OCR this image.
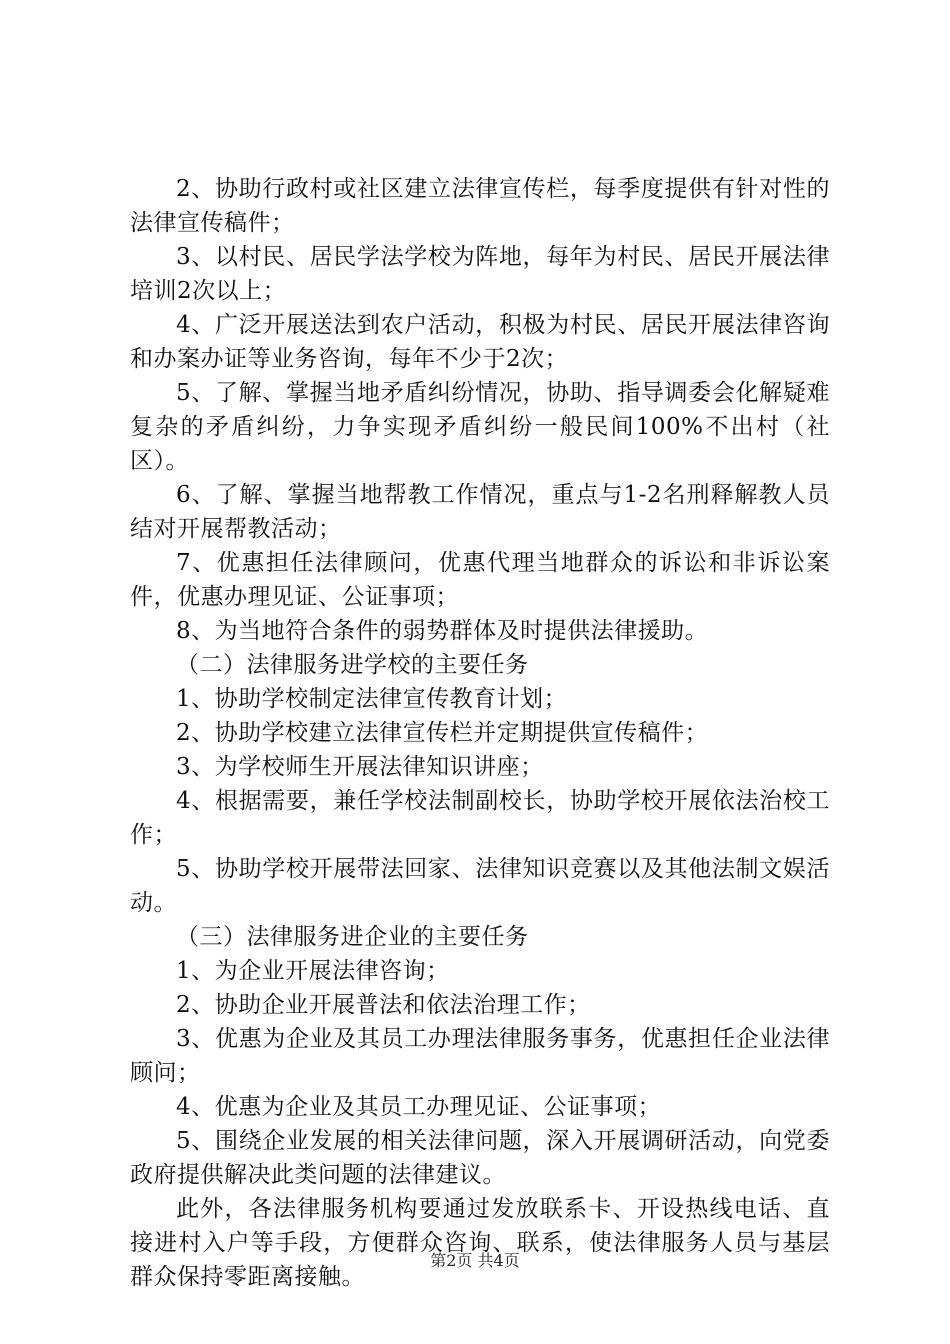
2、协助行政村或社区建立法律宣传栏，每季度提供有针对性的法律宣传稿件；

3、以村民、居民学法学校为阵地，每年为村民、居民开展法律培训2次以上；

4、广泛开展送法到农户活动，积极为村民、居民开展法律咨询和办案办证等业务咨询，每年不少于2次；

5、了解、掌握当地矛盾纠纷情况，协助、指导调委会化解疑难复杂的矛盾纠纷，力争实现矛盾纠纷一般民间100%不出村（社区）。

6、了解、掌握当地帮教工作情况，重点与1-2名刑释解教人员结对开展帮教活动；

7、优惠担任法律顾问，优惠代理当地群众的诉讼和非诉讼案件，优惠办理见证、公证事项；

8、为当地符合条件的弱势群体及时提供法律援助。

（二）法律服务进学校的主要任务

1、协助学校制定法律宣传教育计划；

2、协助学校建立法律宣传栏并定期提供宣传稿件；

3、为学校师生开展法律知识讲座；

4、根据需要，兼任学校法制副校长，协助学校开展依法治校工作；

5、协助学校开展带法回家、法律知识竞赛以及其他法制文娱活动。

（三）法律服务进企业的主要任务

1、为企业开展法律咨询；

2、协助企业开展普法和依法治理工作；

3、优惠为企业及其员工办理法律服务事务，优惠担任企业法律顾问；

4、优惠为企业及其员工办理见证、公证事项；

5、围绕企业发展的相关法律问题，深入开展调研活动，向党委政府提供解决此类问题的法律建议。

此外，各法律服务机构要通过发放联系卡、开设热线电话、直接进村入户等手段，方便群众咨询、联系，使法律服务人员与基层群众保持零距离接触。

第2页 共4页
